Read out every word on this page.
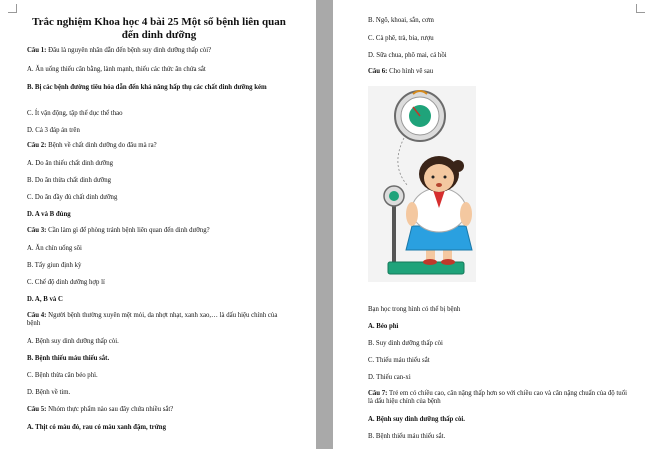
Trắc nghiệm Khoa học 4 bài 25 Một số bệnh liên quan đến dinh dưỡng
Câu 1: Đâu là nguyên nhân dẫn đến bệnh suy dinh dưỡng thấp còi?
A. Ăn uống thiếu cân bằng, lành mạnh, thiếu các thức ăn chứa sắt
B. Bị các bệnh đường tiêu hóa dẫn đến khả năng hấp thụ các chất dinh dưỡng kém
C. Ít vận động, tập thể dục thể thao
D. Cả 3 đáp án trên
Câu 2: Bệnh về chất dinh dưỡng do đâu mà ra?
A. Do ăn thiếu chất dinh dưỡng
B. Do ăn thừa chất dinh dưỡng
C. Do ăn đầy đủ chất dinh dưỡng
D. A và B đúng
Câu 3: Cần làm gì để phòng tránh bệnh liên quan đến dinh dưỡng?
A. Ăn chín uống sôi
B. Tẩy giun định kỳ
C. Chế độ dinh dưỡng hợp lí
D. A, B và C
Câu 4: Người bệnh thường xuyên mệt mỏi, da nhợt nhạt, xanh xao,… là dấu hiệu chính của bệnh
A. Bệnh suy dinh dưỡng thấp còi.
B. Bệnh thiếu máu thiếu sắt.
C. Bệnh thừa cân béo phì.
D. Bệnh về tim.
Câu 5: Nhóm thực phẩm nào sau đây chứa nhiều sắt?
A. Thịt có màu đỏ, rau có màu xanh đậm, trứng
B. Ngô, khoai, sắn, cơm
C. Cà phê, trà, bia, rượu
D. Sữa chua, phô mai, cá hồi
Câu 6: Cho hình vẽ sau
Bạn học trong hình có thể bị bệnh
A. Béo phì
B. Suy dinh dưỡng thấp còi
C. Thiếu máu thiếu sắt
D. Thiếu can-xi
Câu 7: Trẻ em có chiều cao, cân nặng thấp hơn so với chiều cao và cân nặng chuẩn của độ tuổi là dấu hiệu chính của bệnh
A. Bệnh suy dinh dưỡng thấp còi.
B. Bệnh thiếu máu thiếu sắt.
